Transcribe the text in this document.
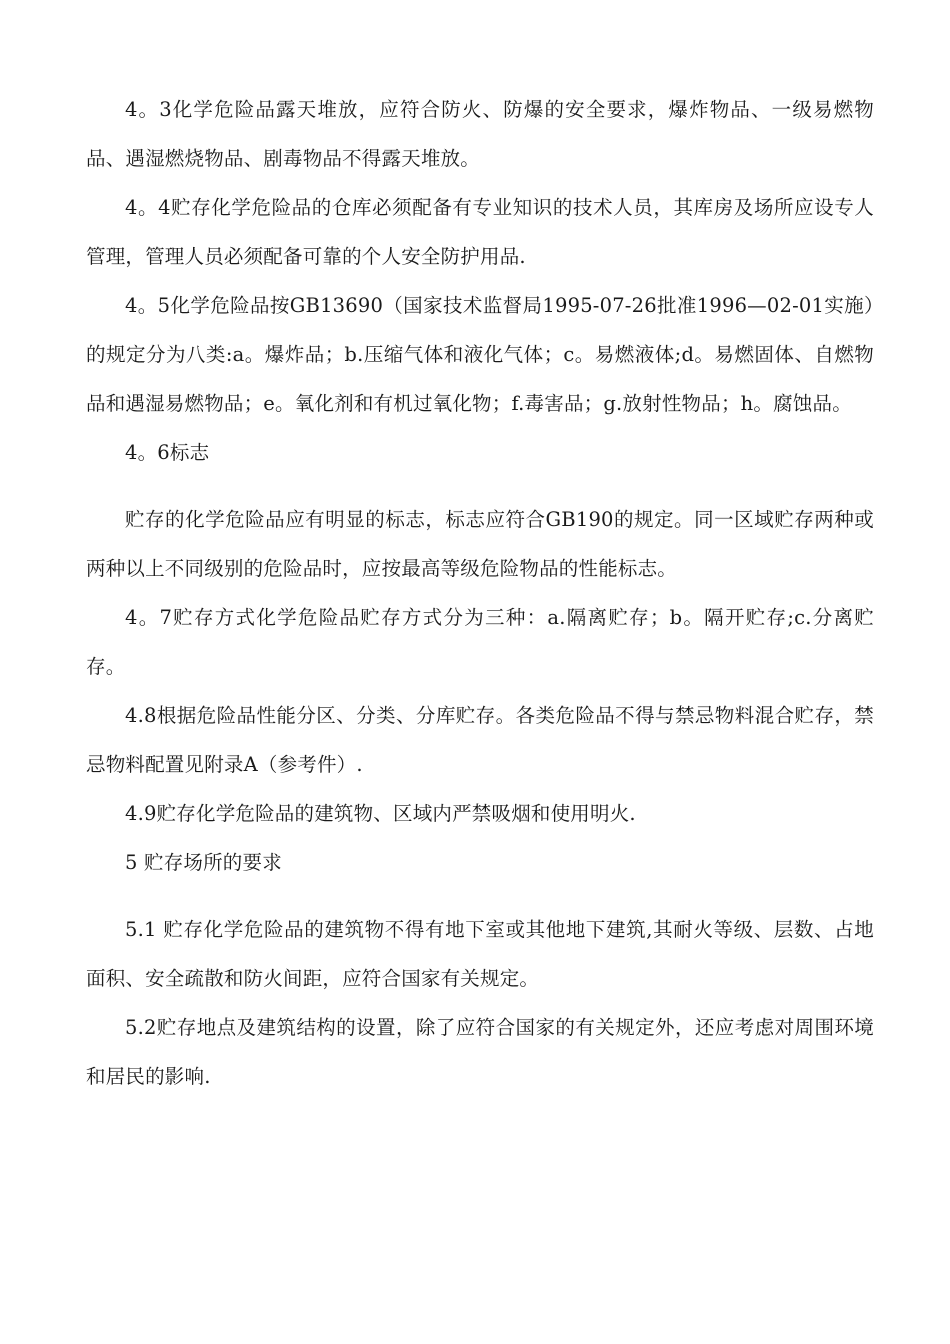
4。3化学危险品露天堆放，应符合防火、防爆的安全要求，爆炸物品、一级易燃物品、遇湿燃烧物品、剧毒物品不得露天堆放。

4。4贮存化学危险品的仓库必须配备有专业知识的技术人员，其库房及场所应设专人管理，管理人员必须配备可靠的个人安全防护用品.

4。5化学危险品按GB13690（国家技术监督局1995-07-26批准1996—02-01实施）的规定分为八类:a。爆炸品；b.压缩气体和液化气体；c。易燃液体;d。易燃固体、自燃物品和遇湿易燃物品；e。氧化剂和有机过氧化物；f.毒害品；g.放射性物品；h。腐蚀品。

4。6标志

贮存的化学危险品应有明显的标志，标志应符合GB190的规定。同一区域贮存两种或两种以上不同级别的危险品时，应按最高等级危险物品的性能标志。

4。7贮存方式化学危险品贮存方式分为三种：a.隔离贮存；b。隔开贮存;c.分离贮存。

4.8根据危险品性能分区、分类、分库贮存。各类危险品不得与禁忌物料混合贮存，禁忌物料配置见附录A（参考件）.

4.9贮存化学危险品的建筑物、区域内严禁吸烟和使用明火.

5 贮存场所的要求

5.1 贮存化学危险品的建筑物不得有地下室或其他地下建筑,其耐火等级、层数、占地面积、安全疏散和防火间距，应符合国家有关规定。

5.2贮存地点及建筑结构的设置，除了应符合国家的有关规定外，还应考虑对周围环境和居民的影响.
